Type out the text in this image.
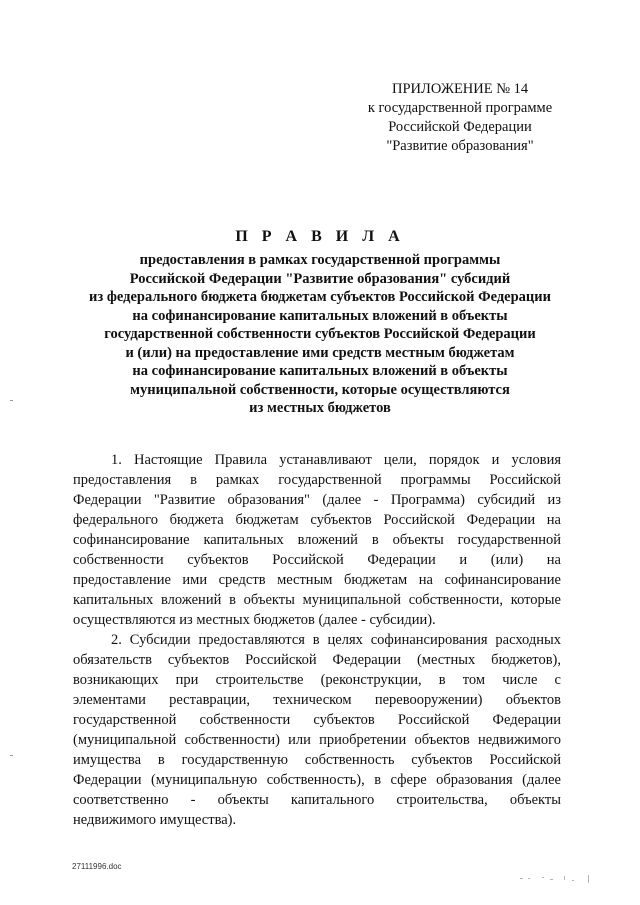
ПРИЛОЖЕНИЕ № 14
к государственной программе
Российской Федерации
"Развитие образования"
П Р А В И Л А
предоставления в рамках государственной программы
Российской Федерации "Развитие образования" субсидий
из федерального бюджета бюджетам субъектов Российской Федерации
на софинансирование капитальных вложений в объекты
государственной собственности субъектов Российской Федерации
и (или) на предоставление ими средств местным бюджетам
на софинансирование капитальных вложений в объекты
муниципальной собственности, которые осуществляются
из местных бюджетов
1. Настоящие Правила устанавливают цели, порядок и условия
предоставления в рамках государственной программы Российской
Федерации "Развитие образования" (далее - Программа) субсидий из
федерального бюджета бюджетам субъектов Российской Федерации на
софинансирование капитальных вложений в объекты государственной
собственности субъектов Российской Федерации и (или) на
предоставление ими средств местным бюджетам на софинансирование
капитальных вложений в объекты муниципальной собственности, которые
осуществляются из местных бюджетов (далее - субсидии).
2. Субсидии предоставляются в целях софинансирования расходных
обязательств субъектов Российской Федерации (местных бюджетов),
возникающих при строительстве (реконструкции, в том числе с
элементами реставрации, техническом перевооружении) объектов
государственной собственности субъектов Российской Федерации
(муниципальной собственности) или приобретении объектов недвижимого
имущества в государственную собственность субъектов Российской
Федерации (муниципальную собственность), в сфере образования (далее
соответственно - объекты капитального строительства, объекты
недвижимого имущества).
27111996.doc
